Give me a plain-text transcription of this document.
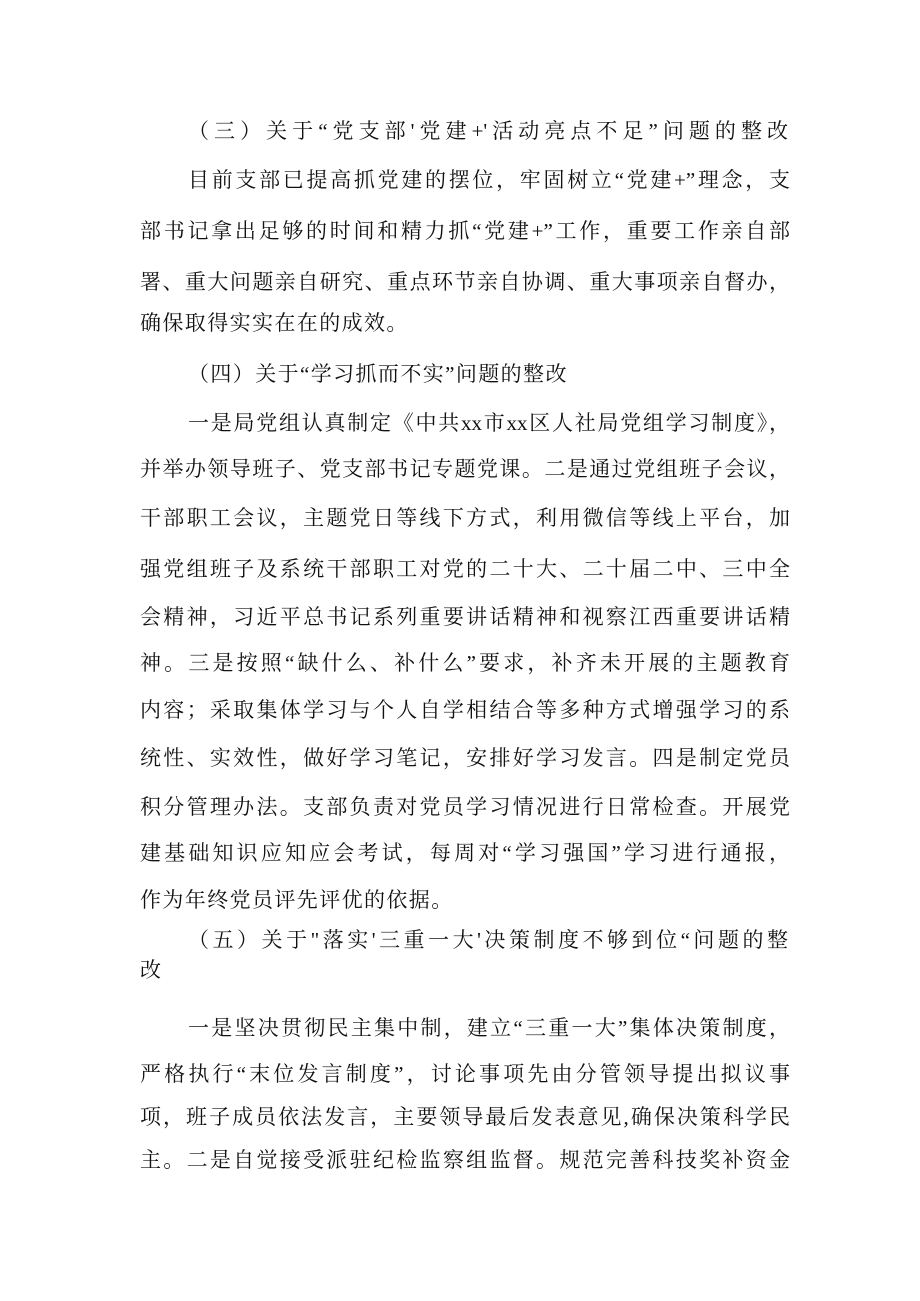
（三）关于“党支部'党建+'活动亮点不足”问题的整改
目前支部已提高抓党建的摆位，牢固树立“党建+”理念，支
部书记拿出足够的时间和精力抓“党建+”工作，重要工作亲自部
署、重大问题亲自研究、重点环节亲自协调、重大事项亲自督办，
确保取得实实在在的成效。
（四）关于“学习抓而不实”问题的整改
一是局党组认真制定《中共xx市xx区人社局党组学习制度》，
并举办领导班子、党支部书记专题党课。二是通过党组班子会议，
干部职工会议，主题党日等线下方式，利用微信等线上平台，加
强党组班子及系统干部职工对党的二十大、二十届二中、三中全
会精神，习近平总书记系列重要讲话精神和视察江西重要讲话精
神。三是按照“缺什么、补什么”要求，补齐未开展的主题教育
内容；采取集体学习与个人自学相结合等多种方式增强学习的系
统性、实效性，做好学习笔记，安排好学习发言。四是制定党员
积分管理办法。支部负责对党员学习情况进行日常检查。开展党
建基础知识应知应会考试，每周对“学习强国”学习进行通报，
作为年终党员评先评优的依据。
（五）关于"落实'三重一大'决策制度不够到位“问题的整
改
一是坚决贯彻民主集中制，建立“三重一大”集体决策制度，
严格执行“末位发言制度”，讨论事项先由分管领导提出拟议事
项，班子成员依法发言，主要领导最后发表意见,确保决策科学民
主。二是自觉接受派驻纪检监察组监督。规范完善科技奖补资金
